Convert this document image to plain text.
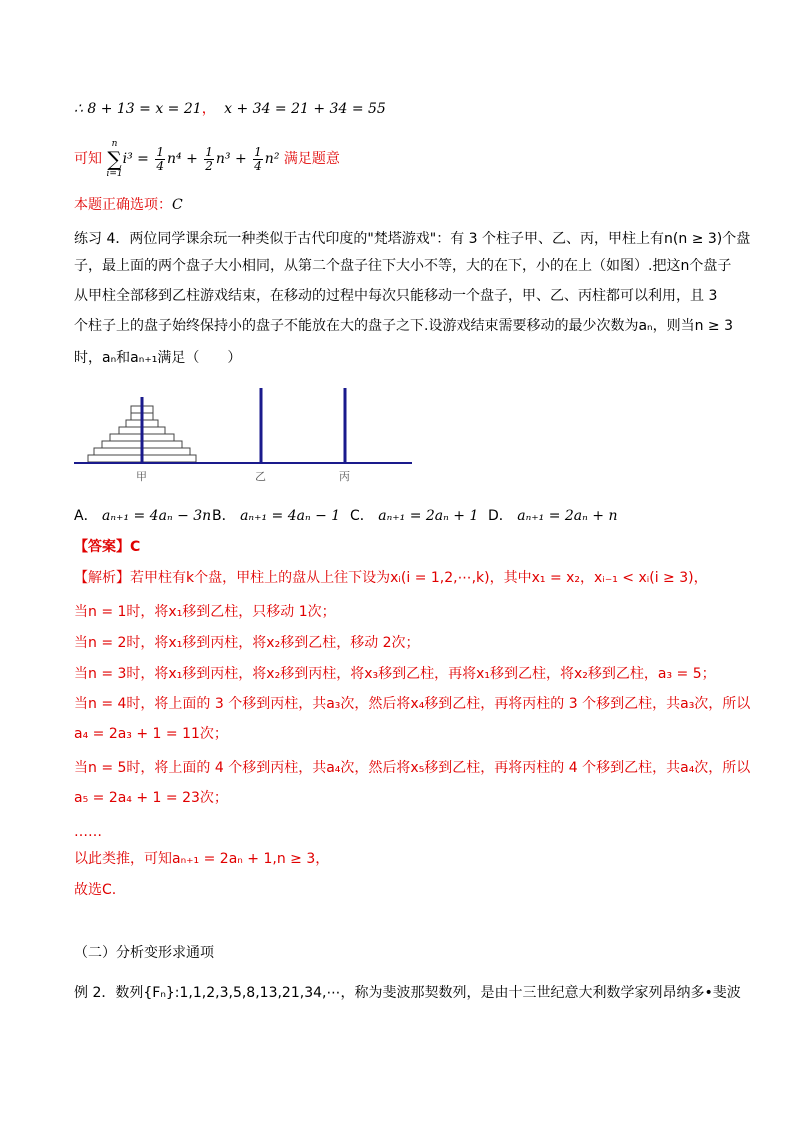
∴ 8 + 13 = x = 21， x + 34 = 21 + 34 = 55
可知 n
∑
$i=1i^3 = \frac{1}{4} n^4 + \frac{1}{2} n^3 + \frac{1}{4} n^2$ 满足题意
本题正确选项：C
练习 4．两位同学课余玩一种类似于古代印度的"梵塔游戏"：有 3 个柱子甲、乙、丙，甲柱上有n(n ≥ 3)个盘
子，最上面的两个盘子大小相同，从第二个盘子往下大小不等，大的在下，小的在上（如图）.把这n个盘子
从甲柱全部移到乙柱游戏结束，在移动的过程中每次只能移动一个盘子，甲、乙、丙柱都可以利用，且 3
个柱子上的盘子始终保持小的盘子不能放在大的盘子之下.设游戏结束需要移动的最少次数为aₙ，则当n ≥ 3
时，aₙ和aₙ₊₁满足（　　）
甲	乙	丙
A． aₙ₊₁ = 4aₙ − 3nB． aₙ₊₁ = 4aₙ − 1 C． aₙ₊₁ = 2aₙ + 1 D． aₙ₊₁ = 2aₙ + n
【答案】C
【解析】若甲柱有k个盘，甲柱上的盘从上往下设为xᵢ(i = 1,2,⋯,k)，其中x₁ = x₂，xᵢ₋₁ < xᵢ(i ≥ 3)，
当n = 1时，将x₁移到乙柱，只移动 1次；
当n = 2时，将x₁移到丙柱，将x₂移到乙柱，移动 2次；
当n = 3时，将x₁移到丙柱，将x₂移到丙柱，将x₃移到乙柱，再将x₁移到乙柱，将x₂移到乙柱，a₃ = 5；
当n = 4时，将上面的 3 个移到丙柱，共a₃次，然后将x₄移到乙柱，再将丙柱的 3 个移到乙柱，共a₃次，所以
a₄ = 2a₃ + 1 = 11次；
当n = 5时，将上面的 4 个移到丙柱，共a₄次，然后将x₅移到乙柱，再将丙柱的 4 个移到乙柱，共a₄次，所以
a₅ = 2a₄ + 1 = 23次；
……
以此类推，可知aₙ₊₁ = 2aₙ + 1,n ≥ 3，
故选C.
（二）分析变形求通项
例 2．数列{Fₙ}:1,1,2,3,5,8,13,21,34,⋯，称为斐波那契数列，是由十三世纪意大利数学家列昂纳多•斐波
